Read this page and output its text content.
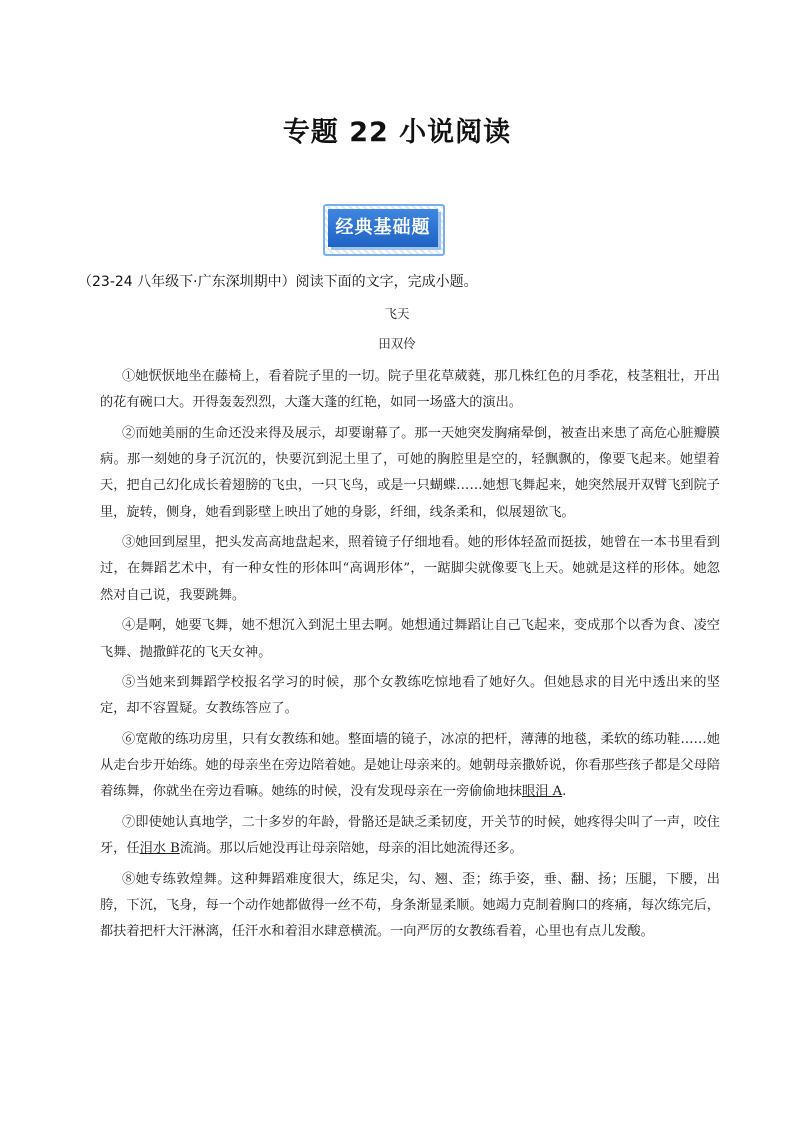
专题 22 小说阅读
经典基础题
（23-24 八年级下·广东深圳期中）阅读下面的文字，完成小题。
飞天
田双伶

①她恹恹地坐在藤椅上，看着院子里的一切。院子里花草葳蕤，那几株红色的月季花，枝茎粗壮，开出的花有碗口大。开得轰轰烈烈，大蓬大蓬的红艳，如同一场盛大的演出。

②而她美丽的生命还没来得及展示，却要谢幕了。那一天她突发胸痛晕倒，被查出来患了高危心脏瓣膜病。那一刻她的身子沉沉的，快要沉到泥土里了，可她的胸腔里是空的，轻飘飘的，像要飞起来。她望着天，把自己幻化成长着翅膀的飞虫，一只飞鸟，或是一只蝴蝶……她想飞舞起来，她突然展开双臂飞到院子里，旋转，侧身，她看到影壁上映出了她的身影，纤细，线条柔和，似展翅欲飞。

③她回到屋里，把头发高高地盘起来，照着镜子仔细地看。她的形体轻盈而挺拔，她曾在一本书里看到过，在舞蹈艺术中，有一种女性的形体叫“高调形体”，一踮脚尖就像要飞上天。她就是这样的形体。她忽然对自己说，我要跳舞。

④是啊，她要飞舞，她不想沉入到泥土里去啊。她想通过舞蹈让自己飞起来，变成那个以香为食、凌空飞舞、抛撒鲜花的飞天女神。

⑤当她来到舞蹈学校报名学习的时候，那个女教练吃惊地看了她好久。但她恳求的目光中透出来的坚定，却不容置疑。女教练答应了。

⑥宽敞的练功房里，只有女教练和她。整面墙的镜子，冰凉的把杆，薄薄的地毯，柔软的练功鞋……她从走台步开始练。她的母亲坐在旁边陪着她。是她让母亲来的。她朝母亲撒娇说，你看那些孩子都是父母陪着练舞，你就坐在旁边看嘛。她练的时候，没有发现母亲在一旁偷偷地抹眼泪 A.

⑦即使她认真地学，二十多岁的年龄，骨骼还是缺乏柔韧度，开关节的时候，她疼得尖叫了一声，咬住牙，任泪水 B流淌。那以后她没再让母亲陪她，母亲的泪比她流得还多。

⑧她专练敦煌舞。这种舞蹈难度很大，练足尖，勾、翘、歪；练手姿，垂、翻、扬；压腿，下腰，出胯，下沉，飞身，每一个动作她都做得一丝不苟，身条渐显柔顺。她竭力克制着胸口的疼痛，每次练完后，都扶着把杆大汗淋漓，任汗水和着泪水肆意横流。一向严厉的女教练看着，心里也有点儿发酸。
